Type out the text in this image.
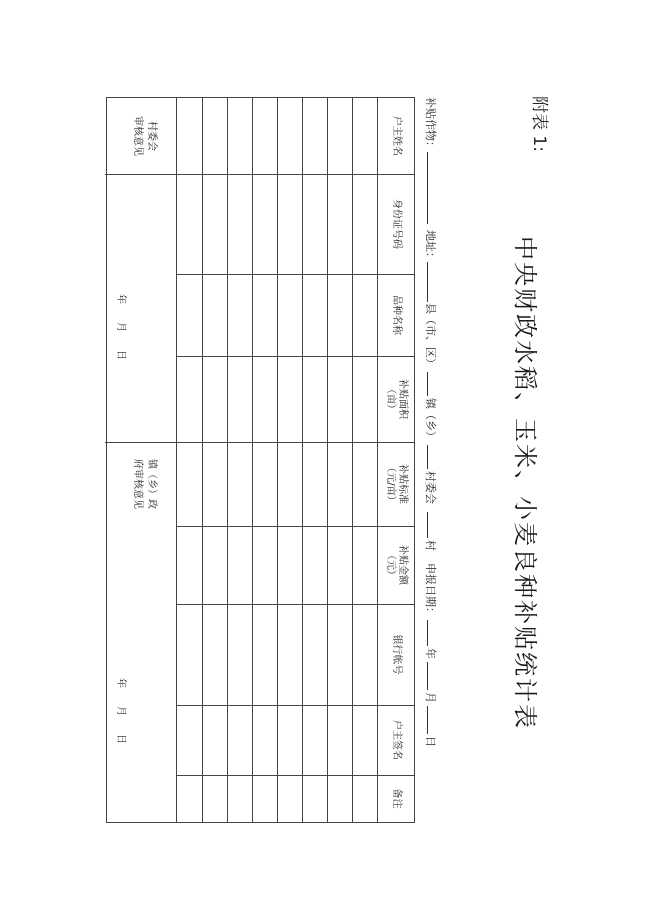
附表 1:
中央财政水稻、玉米、小麦良种补贴统计表
补贴作物：
地址：
县（市、区）
镇（乡）
村委会
村
申报日期：
年
月
日
户主姓名
身份证号码
品种名称
补贴面积
（亩）
补贴标准
（元/亩）
补贴金额
（元）
银行帐号
户主签名
备注
村委会
审核意见
年
月
日
镇（乡）政
府审核意见
年
月
日
